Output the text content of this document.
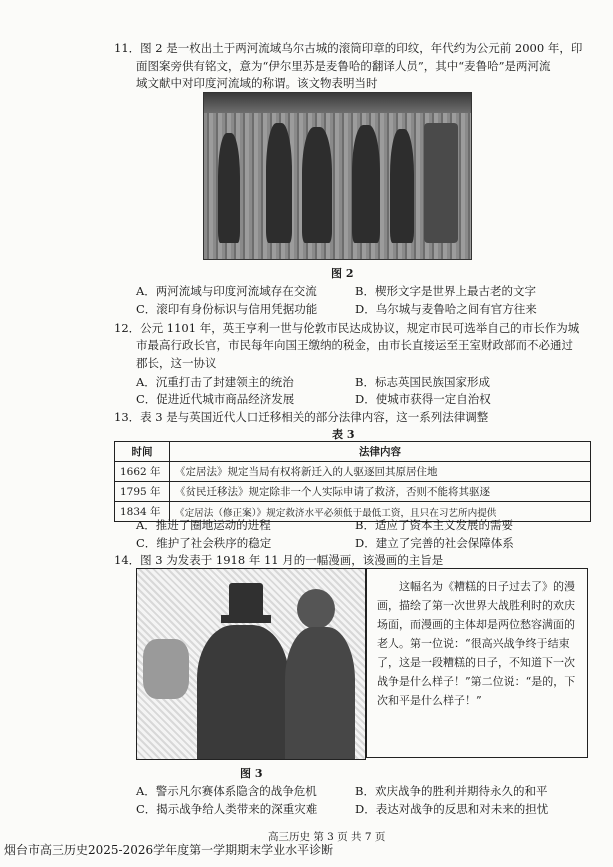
11．图 2 是一枚出土于两河流域乌尔古城的滚筒印章的印纹，年代约为公元前 2000 年，印
面图案旁供有铭文，意为“伊尔里苏是麦鲁哈的翻译人员”，其中“麦鲁哈”是两河流
域文献中对印度河流域的称谓。该文物表明当时
图 2
A．两河流域与印度河流域存在交流	B．楔形文字是世界上最古老的文字
C．滚印有身份标识与信用凭据功能	D．乌尔城与麦鲁哈之间有官方往来
12．公元 1101 年，英王亨利一世与伦敦市民达成协议，规定市民可选举自己的市长作为城
市最高行政长官，市民每年向国王缴纳的税金，由市长直接运至王室财政部而不必通过
郡长，这一协议
A．沉重打击了封建领主的统治	B．标志英国民族国家形成
C．促进近代城市商品经济发展	D．使城市获得一定自治权
13．表 3 是与英国近代人口迁移相关的部分法律内容，这一系列法律调整
表 3
时间	法律内容
1662 年	《定居法》规定当局有权将新迁入的人驱逐回其原居住地
1795 年	《贫民迁移法》规定除非一个人实际申请了救济，否则不能将其驱逐
1834 年	《定居法（修正案）》规定救济水平必须低于最低工资，且只在习艺所内提供
A．推进了圈地运动的进程	B．适应了资本主义发展的需要
C．维护了社会秩序的稳定	D．建立了完善的社会保障体系
14．图 3 为发表于 1918 年 11 月的一幅漫画，该漫画的主旨是

这幅名为《糟糕的日子过去了》的漫画，描绘了第一次世界大战胜利时的欢庆场面，而漫画的主体却是两位愁容满面的老人。第一位说：“很高兴战争终于结束了，这是一段糟糕的日子，不知道下一次战争是什么样子！”第二位说：“是的，下次和平是什么样子！”

图 3
A．警示凡尔赛体系隐含的战争危机	B．欢庆战争的胜利并期待永久的和平
C．揭示战争给人类带来的深重灾难	D．表达对战争的反思和对未来的担忧
高三历史 第 3 页 共 7 页
烟台市高三历史2025-2026学年度第一学期期末学业水平诊断
